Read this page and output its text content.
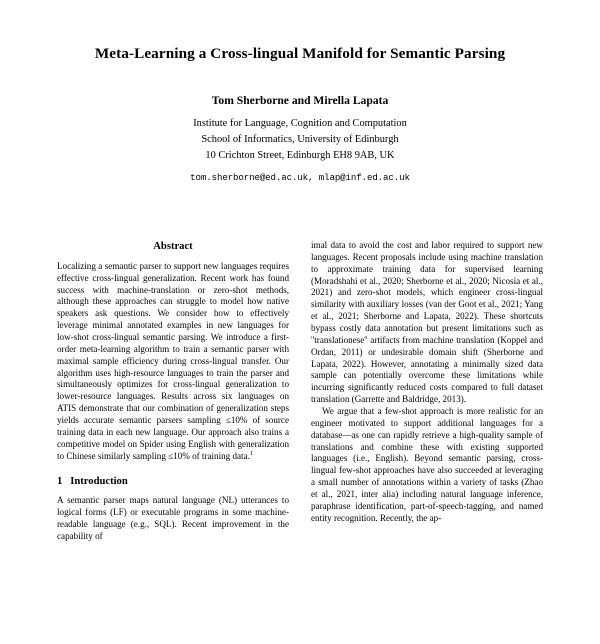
Meta-Learning a Cross-lingual Manifold for Semantic Parsing
Tom Sherborne and Mirella Lapata
Institute for Language, Cognition and Computation
School of Informatics, University of Edinburgh
10 Crichton Street, Edinburgh EH8 9AB, UK
tom.sherborne@ed.ac.uk, mlap@inf.ed.ac.uk
Abstract

Localizing a semantic parser to support new languages requires effective cross-lingual generalization. Recent work has found success with machine-translation or zero-shot methods, although these approaches can struggle to model how native speakers ask questions. We consider how to effectively leverage minimal annotated examples in new languages for low-shot cross-lingual semantic parsing. We introduce a first-order meta-learning algorithm to train a semantic parser with maximal sample efficiency during cross-lingual transfer. Our algorithm uses high-resource languages to train the parser and simultaneously optimizes for cross-lingual generalization to lower-resource languages. Results across six languages on ATIS demonstrate that our combination of generalization steps yields accurate semantic parsers sampling ≤10% of source training data in each new language. Our approach also trains a competitive model on Spider using English with generalization to Chinese similarly sampling ≤10% of training data.$^1$

1 Introduction

A semantic parser maps natural language (NL) utterances to logical forms (LF) or executable programs in some machine-readable language (e.g., SQL). Recent improvement in the capability of

imal data to avoid the cost and labor required to support new languages. Recent proposals include using machine translation to approximate training data for supervised learning (Moradshahi et al., 2020; Sherborne et al., 2020; Nicosia et al., 2021) and zero-shot models, which engineer cross-lingual similarity with auxiliary losses (van der Goot et al., 2021; Yang et al., 2021; Sherborne and Lapata, 2022). These shortcuts bypass costly data annotation but present limitations such as ''translationese'' artifacts from machine translation (Koppel and Ordan, 2011) or undesirable domain shift (Sherborne and Lapata, 2022). However, annotating a minimally sized data sample can potentially overcome these limitations while incurring significantly reduced costs compared to full dataset translation (Garrette and Baldridge, 2013).

We argue that a few-shot approach is more realistic for an engineer motivated to support additional languages for a database—as one can rapidly retrieve a high-quality sample of translations and combine these with existing supported languages (i.e., English). Beyond semantic parsing, cross-lingual few-shot approaches have also succeeded at leveraging a small number of annotations within a variety of tasks (Zhao et al., 2021, inter alia) including natural language inference, paraphrase identification, part-of-speech-tagging, and named entity recognition. Recently, the ap-
